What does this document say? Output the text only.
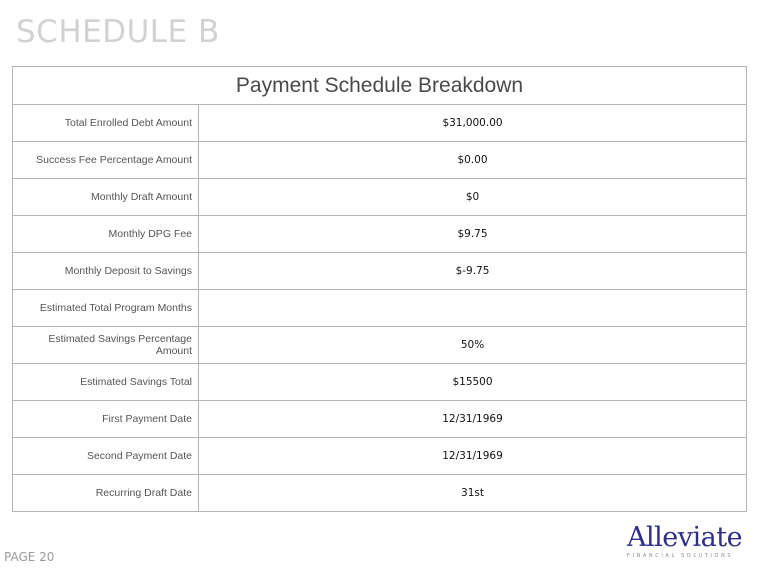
SCHEDULE B
Payment Schedule Breakdown	
Total Enrolled Debt Amount	$31,000.00
Success Fee Percentage Amount	$0.00
Monthly Draft Amount	$0
Monthly DPG Fee	$9.75
Monthly Deposit to Savings	$-9.75
Estimated Total Program Months	
Estimated Savings Percentage Amount	50%
Estimated Savings Total	$15500
First Payment Date	12/31/1969
Second Payment Date	12/31/1969
Recurring Draft Date	31st
PAGE 20
Alleviate
FINANCIAL SOLUTIONS
